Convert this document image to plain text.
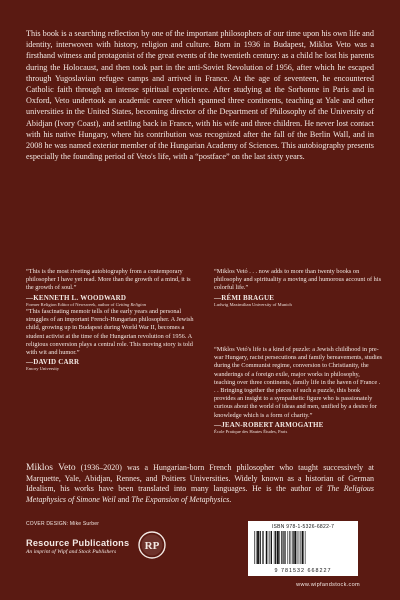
This book is a searching reflection by one of the important philosophers of our time upon his own life and identity, interwoven with history, religion and culture. Born in 1936 in Budapest, Miklos Veto was a firsthand witness and protagonist of the great events of the twentieth century: as a child he lost his parents during the Holocaust, and then took part in the anti-Soviet Revolution of 1956, after which he escaped through Yugoslavian refugee camps and arrived in France. At the age of seventeen, he encountered Catholic faith through an intense spiritual experience. After studying at the Sorbonne in Paris and in Oxford, Veto undertook an academic career which spanned three continents, teaching at Yale and other universities in the United States, becoming director of the Department of Philosophy of the University of Abidjan (Ivory Coast), and settling back in France, with his wife and three children. He never lost contact with his native Hungary, where his contribution was recognized after the fall of the Berlin Wall, and in 2008 he was named exterior member of the Hungarian Academy of Sciences. This autobiography presents especially the founding period of Veto's life, with a “postface” on the last sixty years.

“This is the most riveting autobiography from a contemporary philosopher I have yet read. More than the growth of a mind, it is the growth of soul.”

—KENNETH L. WOODWARD

Former Religion Editor of Newsweek, author of Getting Religion

“Miklos Vetó . . . now adds to more than twenty books on philosophy and spirituality a moving and humorous account of his colorful life.”

—RÉMI BRAGUE

Ludwig Maximilian University of Munich

“This fascinating memoir tells of the early years and personal struggles of an important French-Hungarian philosopher. A Jewish child, growing up in Budapest during World War II, becomes a student activist at the time of the Hungarian revolution of 1956. A religious conversion plays a central role. This moving story is told with wit and humor.”

—DAVID CARR

Emory University

“Miklos Vetó's life is a kind of puzzle: a Jewish childhood in pre-war Hungary, racist persecutions and family bereavements, studies during the Communist regime, conversion to Christianity, the wanderings of a foreign exile, major works in philosophy, teaching over three continents, family life in the haven of France . . . Bringing together the pieces of such a puzzle, this book provides an insight to a sympathetic figure who is passionately curious about the world of ideas and men, unified by a desire for knowledge which is a form of charity.”

—JEAN-ROBERT ARMOGATHE

École Pratique des Hautes Études, Paris

Miklos Veto (1936–2020) was a Hungarian-born French philosopher who taught successively at Marquette, Yale, Abidjan, Rennes, and Poitiers Universities. Widely known as a historian of German Idealism, his works have been translated into many languages. He is the author of The Religious Metaphysics of Simone Weil and The Expansion of Metaphysics.

COVER DESIGN: Mike Surber
Resource Publications
An imprint of Wipf and Stock Publishers	RP
ISBN 978-1-5326-6822-7
9 781532 668227
www.wipfandstock.com
